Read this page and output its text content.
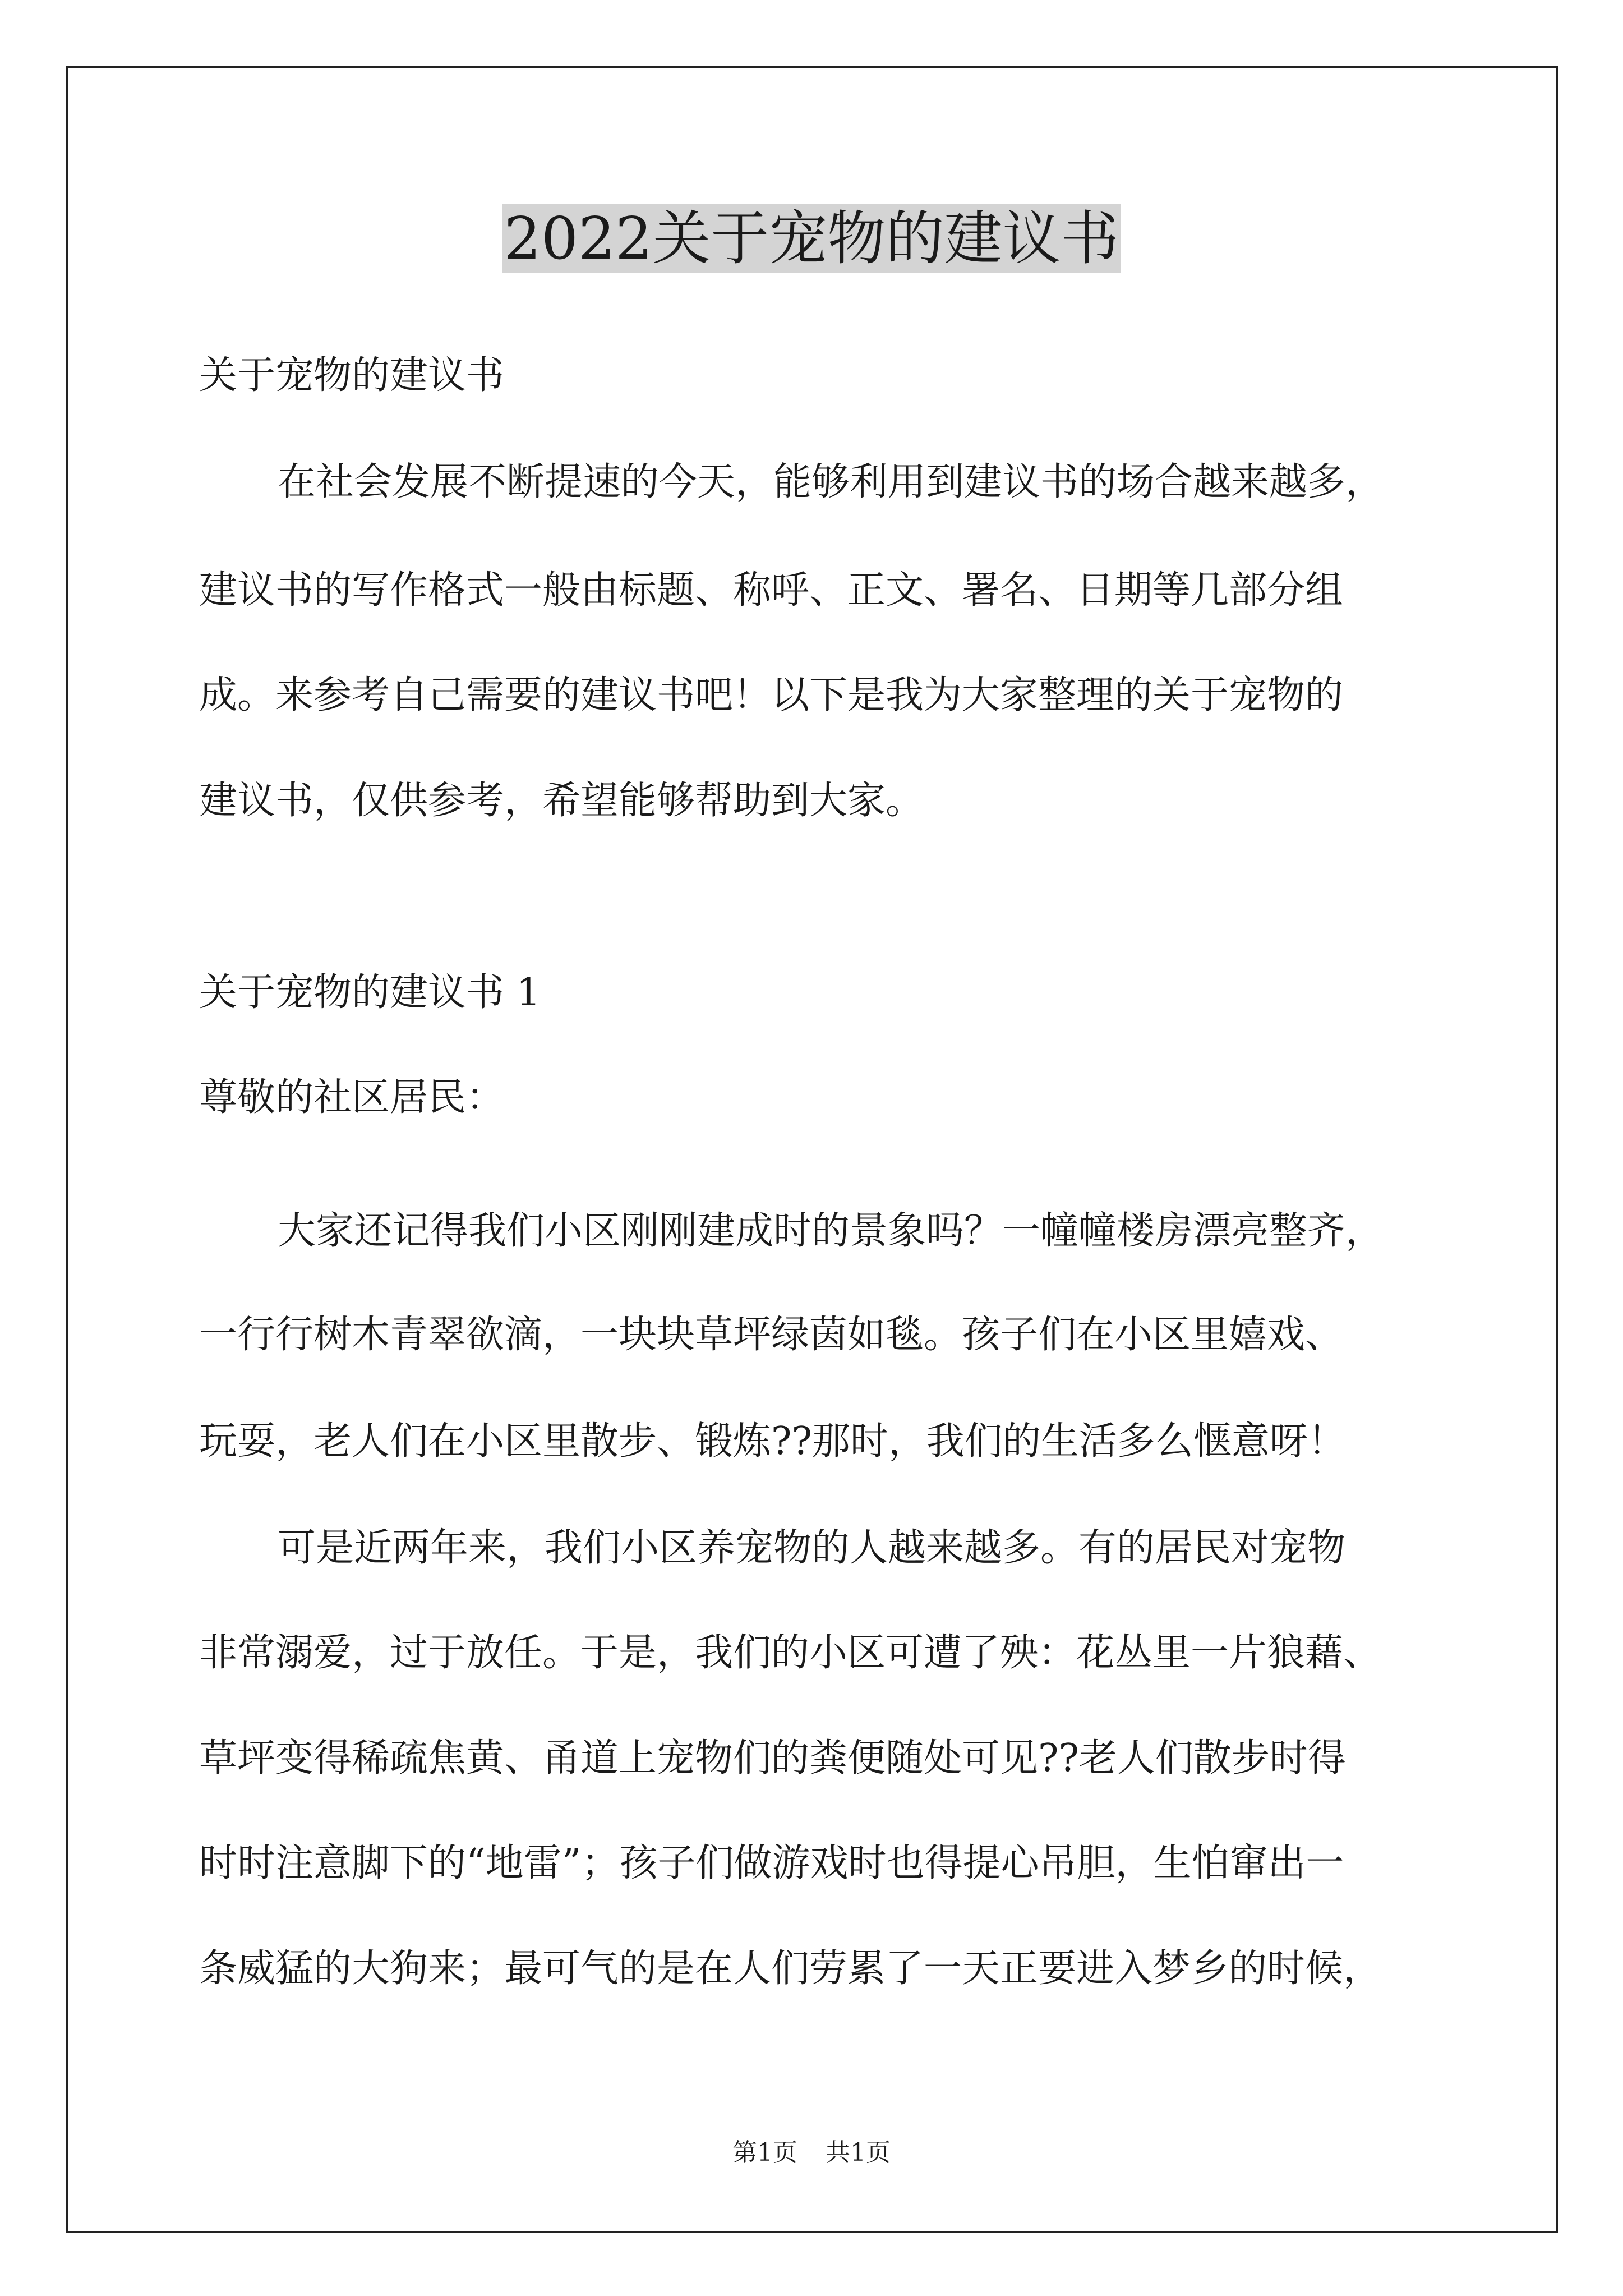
2022关于宠物的建议书
关于宠物的建议书
在社会发展不断提速的今天，能够利用到建议书的场合越来越多，
建议书的写作格式一般由标题、称呼、正文、署名、日期等几部分组
成。来参考自己需要的建议书吧！以下是我为大家整理的关于宠物的
建议书，仅供参考，希望能够帮助到大家。
关于宠物的建议书 1
尊敬的社区居民：
大家还记得我们小区刚刚建成时的景象吗？一幢幢楼房漂亮整齐，
一行行树木青翠欲滴，一块块草坪绿茵如毯。孩子们在小区里嬉戏、
玩耍，老人们在小区里散步、锻炼??那时，我们的生活多么惬意呀！
可是近两年来，我们小区养宠物的人越来越多。有的居民对宠物
非常溺爱，过于放任。于是，我们的小区可遭了殃：花丛里一片狼藉、
草坪变得稀疏焦黄、甬道上宠物们的粪便随处可见??老人们散步时得
时时注意脚下的“地雷”；孩子们做游戏时也得提心吊胆，生怕窜出一
条威猛的大狗来；最可气的是在人们劳累了一天正要进入梦乡的时候，
第1页 共1页
